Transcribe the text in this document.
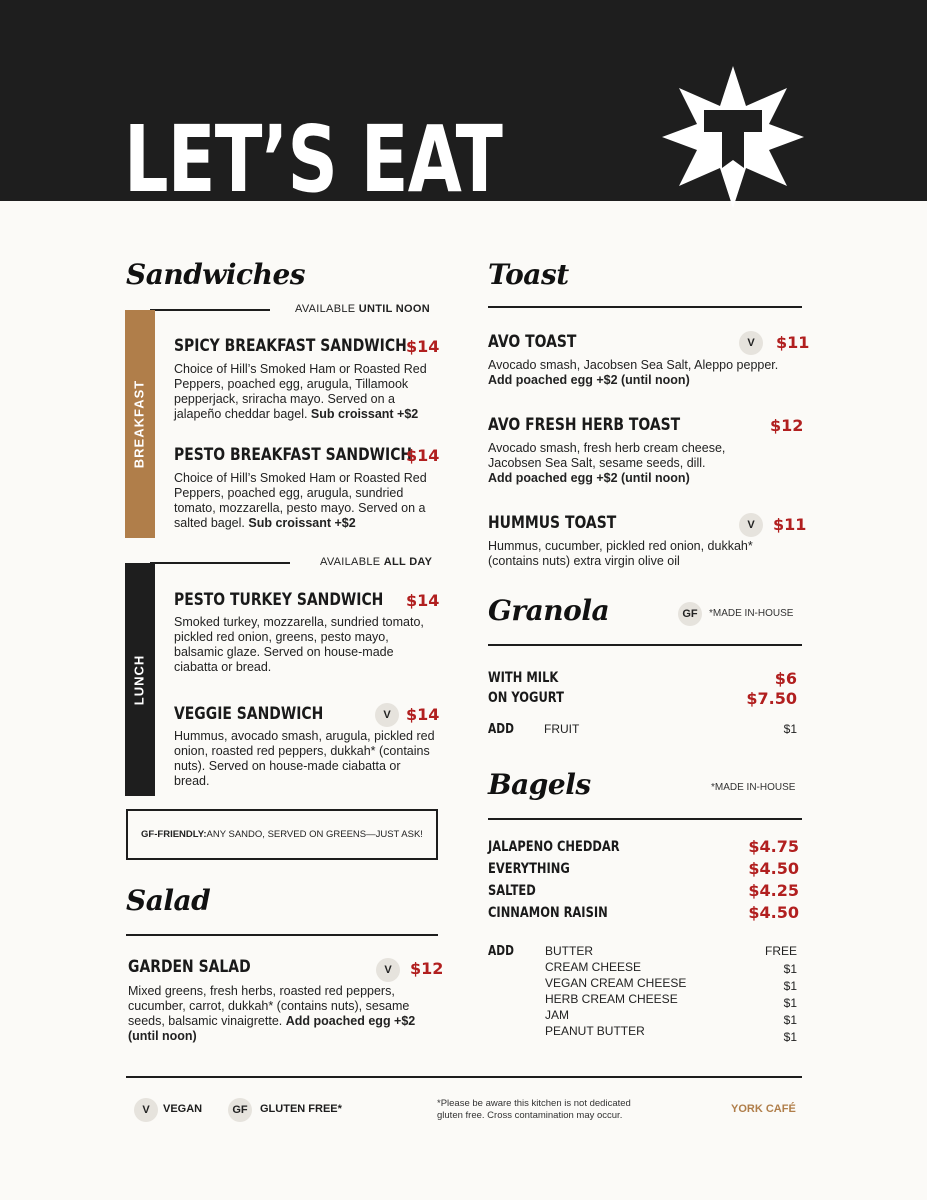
LET’S EAT
Sandwiches
AVAILABLE UNTIL NOON
BREAKFAST
SPICY BREAKFAST SANDWICH $14
Choice of Hill’s Smoked Ham or Roasted Red Peppers, poached egg, arugula, Tillamook pepperjack, sriracha mayo. Served on a jalapeño cheddar bagel. Sub croissant +$2
PESTO BREAKFAST SANDWICH
$14
Choice of Hill’s Smoked Ham or Roasted Red Peppers, poached egg, arugula, sundried tomato, mozzarella, pesto mayo. Served on a salted bagel. Sub croissant +$2
AVAILABLE ALL DAY
LUNCH
PESTO TURKEY SANDWICH $14
Smoked turkey, mozzarella, sundried tomato, pickled red onion, greens, pesto mayo, balsamic glaze. Served on house-made ciabatta or bread.
VEGGIE SANDWICH	V $14
Hummus, avocado smash, arugula, pickled red onion, roasted red peppers, dukkah* (contains nuts). Served on house-made ciabatta or bread.
GF-FRIENDLY: ANY SANDO, SERVED ON GREENS—JUST ASK!
Salad
GARDEN SALAD	V	$12
Mixed greens, fresh herbs, roasted red peppers, cucumber, carrot, dukkah* (contains nuts), sesame seeds, balsamic vinaigrette. Add poached egg +$2 (until noon)
Toast
AVO TOAST	V	$11
Avocado smash, Jacobsen Sea Salt, Aleppo pepper.
Add poached egg +$2 (until noon)
AVO FRESH HERB TOAST	$12
Avocado smash, fresh herb cream cheese, Jacobsen Sea Salt, sesame seeds, dill.
Add poached egg +$2 (until noon)
HUMMUS TOAST	V	$11
Hummus, cucumber, pickled red onion, dukkah* (contains nuts) extra virgin olive oil
Granola	GF	*MADE IN-HOUSE
WITH MILK	$6
ON YOGURT	$7.50
ADD	FRUIT	$1
Bagels	*MADE IN-HOUSE
JALAPENO CHEDDAR	$4.75
EVERYTHING	$4.50
SALTED	$4.25
CINNAMON RAISIN	$4.50
ADD	BUTTER	FREE
CREAM CHEESE	$1
VEGAN CREAM CHEESE	$1
HERB CREAM CHEESE	$1
JAM	$1
PEANUT BUTTER	$1
V	VEGAN	GF	GLUTEN FREE*	*Please be aware this kitchen is not dedicated
gluten free. Cross contamination may occur.
YORK CAFÉ
